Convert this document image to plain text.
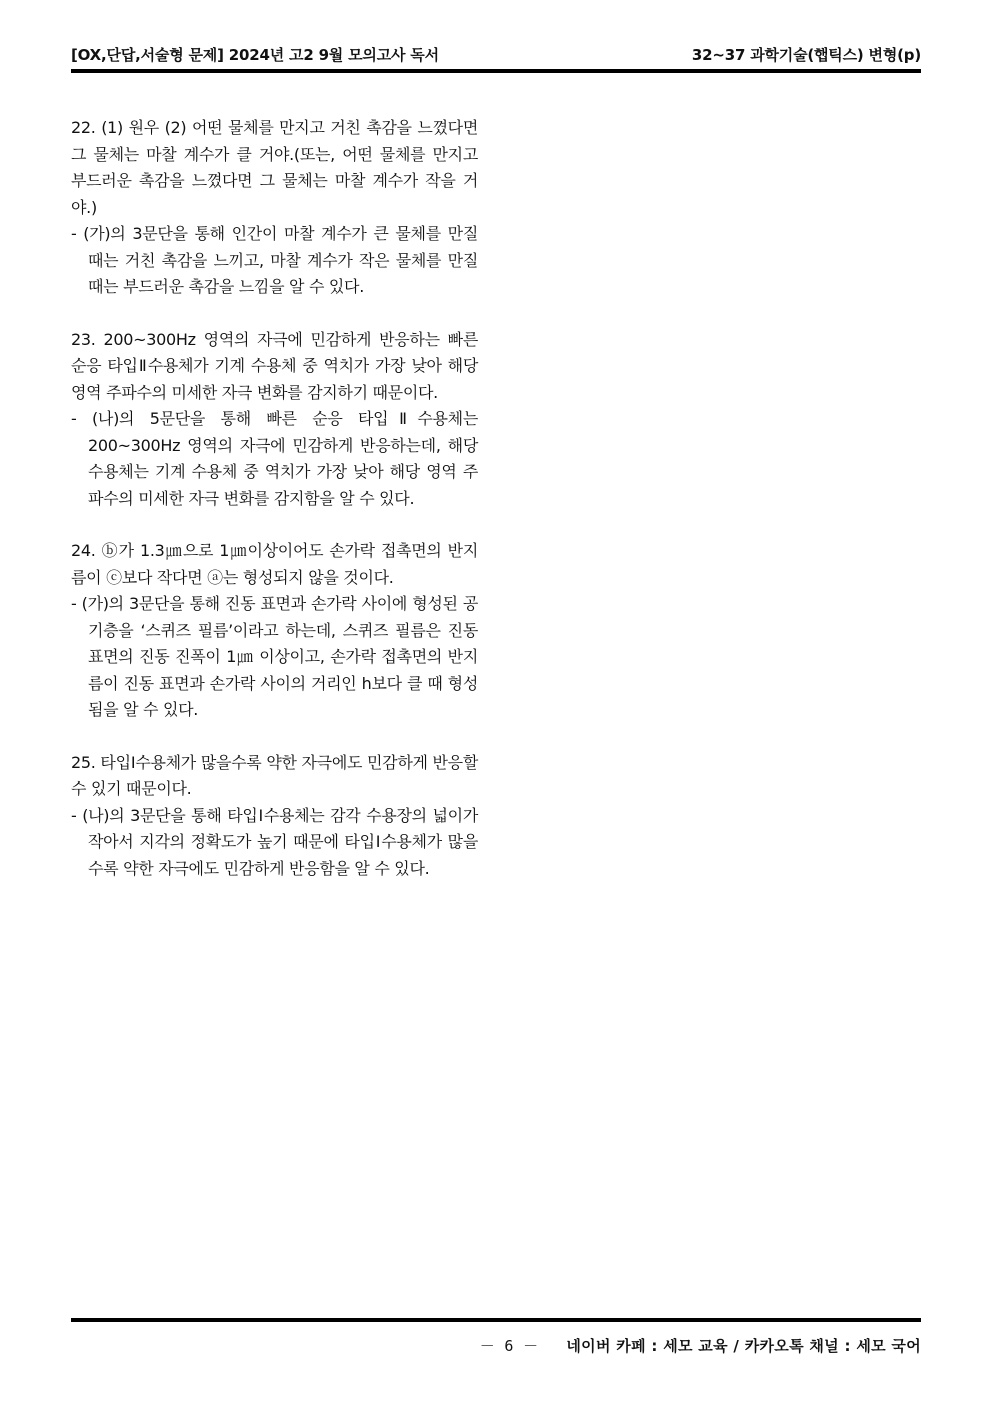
[OX,단답,서술형 문제] 2024년 고2 9월 모의고사 독서	32~37 과학기술(햅틱스) 변형(p)

22. (1) 원우 (2) 어떤 물체를 만지고 거친 촉감을 느꼈다면 그 물체는 마찰 계수가 클 거야.(또는, 어떤 물체를 만지고 부드러운 촉감을 느꼈다면 그 물체는 마찰 계수가 작을 거야.)

- (가)의 3문단을 통해 인간이 마찰 계수가 큰 물체를 만질 때는 거친 촉감을 느끼고, 마찰 계수가 작은 물체를 만질 때는 부드러운 촉감을 느낌을 알 수 있다.

23. 200~300Hz 영역의 자극에 민감하게 반응하는 빠른 순응 타입Ⅱ수용체가 기계 수용체 중 역치가 가장 낮아 해당 영역 주파수의 미세한 자극 변화를 감지하기 때문이다.

- (나)의 5문단을 통해 빠른 순응 타입Ⅱ수용체는 200~300Hz 영역의 자극에 민감하게 반응하는데, 해당 수용체는 기계 수용체 중 역치가 가장 낮아 해당 영역 주파수의 미세한 자극 변화를 감지함을 알 수 있다.

24. ⓑ가 1.3㎛으로 1㎛이상이어도 손가락 접촉면의 반지름이 ⓒ보다 작다면 ⓐ는 형성되지 않을 것이다.

- (가)의 3문단을 통해 진동 표면과 손가락 사이에 형성된 공기층을 ‘스퀴즈 필름’이라고 하는데, 스퀴즈 필름은 진동 표면의 진동 진폭이 1㎛ 이상이고, 손가락 접촉면의 반지름이 진동 표면과 손가락 사이의 거리인 h보다 클 때 형성됨을 알 수 있다.

25. 타입Ⅰ수용체가 많을수록 약한 자극에도 민감하게 반응할 수 있기 때문이다.

- (나)의 3문단을 통해 타입Ⅰ수용체는 감각 수용장의 넓이가 작아서 지각의 정확도가 높기 때문에 타입Ⅰ수용체가 많을수록 약한 자극에도 민감하게 반응함을 알 수 있다.

－ 6 － 네이버 카페 : 세모 교육 / 카카오톡 채널 : 세모 국어
